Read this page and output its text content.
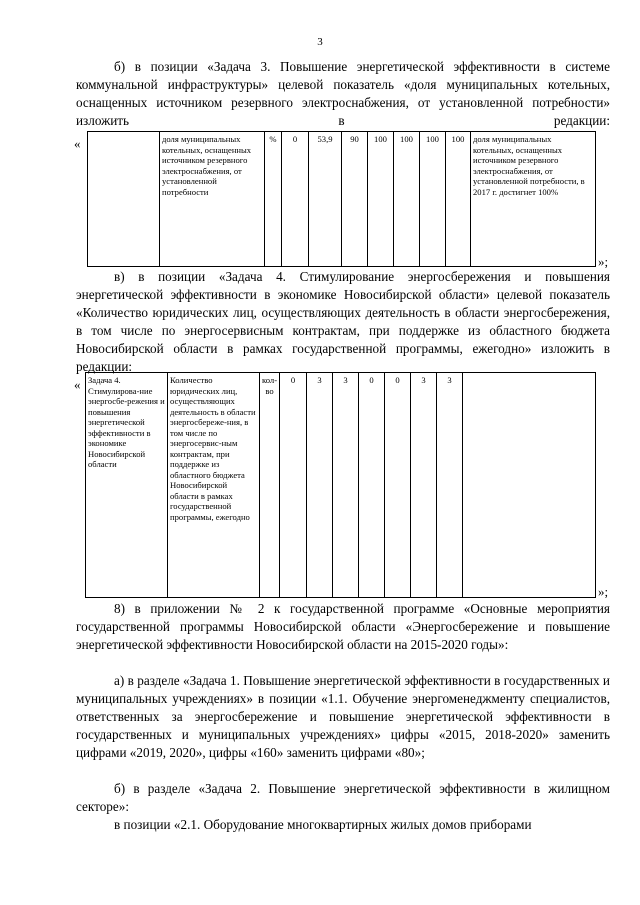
3

б) в позиции «Задача 3. Повышение энергетической эффективности в системе коммунальной инфраструктуры» целевой показатель «доля муниципальных котельных, оснащенных источником резервного электроснабжения, от установленной потребности» изложить в редакции:

«
		доля муниципальных котельных, оснащенных источником резервного электроснабжения, от установленной потребности	%	0	53,9	90	100	100	100	100	доля муниципальных котельных, оснащенных источником резервного электроснабжения, от установленной потребности, в 2017 г. достигнет 100%
»;

в) в позиции «Задача 4. Стимулирование энергосбережения и повышения энергетической эффективности в экономике Новосибирской области» целевой показатель «Количество юридических лиц, осуществляющих деятельность в области энергосбережения, в том числе по энергосервисным контрактам, при поддержке из областного бюджета Новосибирской области в рамках государственной программы, ежегодно» изложить в редакции:

« Задача 4. Стимулирова-ние энергосбе-режения и повышения энергетической эффективности в экономике Новосибирской области	Количество юридических лиц, осуществляющих деятельность в области энергосбереже-ния, в том числе по энергосервис-ным контрактам, при поддержке из областного бюджета Новосибирской области в рамках государственной программы, ежегодно	кол-во	0	3	3	0	0	3	3	
»;

8) в приложении № 2 к государственной программе «Основные мероприятия государственной программы Новосибирской области «Энергосбережение и повышение энергетической эффективности Новосибирской области на 2015-2020 годы»:

а) в разделе «Задача 1. Повышение энергетической эффективности в государственных и муниципальных учреждениях» в позиции «1.1. Обучение энергоменеджменту специалистов, ответственных за энергосбережение и повышение энергетической эффективности в государственных и муниципальных учреждениях» цифры «2015, 2018-2020» заменить цифрами «2019, 2020», цифры «160» заменить цифрами «80»;

б) в разделе «Задача 2. Повышение энергетической эффективности в жилищном секторе»:

в позиции «2.1. Оборудование многоквартирных жилых домов приборами
